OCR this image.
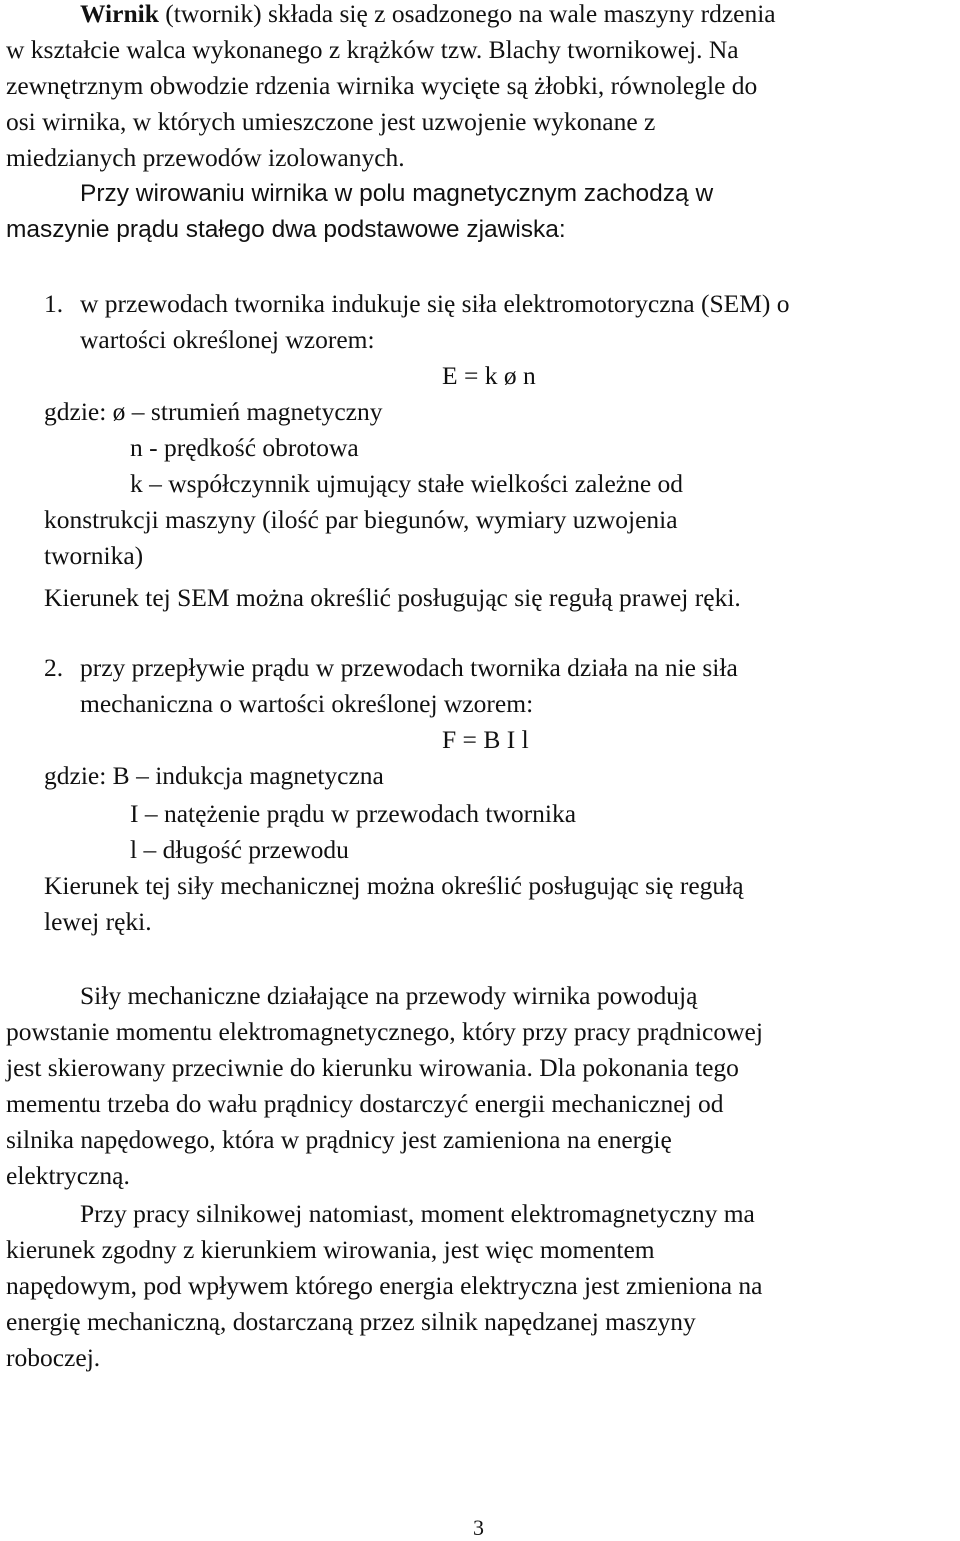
Wirnik (twornik) składa się z osadzonego na wale maszyny rdzenia
w kształcie walca wykonanego z krążków tzw. Blachy twornikowej. Na
zewnętrznym obwodzie rdzenia wirnika wycięte są żłobki, równolegle do
osi wirnika, w których umieszczone jest uzwojenie wykonane z
miedzianych przewodów izolowanych.
Przy wirowaniu wirnika w polu magnetycznym zachodzą w
maszynie prądu stałego dwa podstawowe zjawiska:
1. w przewodach twornika indukuje się siła elektromotoryczna (SEM) o
wartości określonej wzorem:
E = k ø n
gdzie: ø – strumień magnetyczny
n - prędkość obrotowa
k – współczynnik ujmujący stałe wielkości zależne od
konstrukcji maszyny (ilość par biegunów, wymiary uzwojenia
twornika)
Kierunek tej SEM można określić posługując się regułą prawej ręki.
2. przy przepływie prądu w przewodach twornika działa na nie siła
mechaniczna o wartości określonej wzorem:
F = B I l
gdzie: B – indukcja magnetyczna
I – natężenie prądu w przewodach twornika
l – długość przewodu
Kierunek tej siły mechanicznej można określić posługując się regułą
lewej ręki.
Siły mechaniczne działające na przewody wirnika powodują
powstanie momentu elektromagnetycznego, który przy pracy prądnicowej
jest skierowany przeciwnie do kierunku wirowania. Dla pokonania tego
mementu trzeba do wału prądnicy dostarczyć energii mechanicznej od
silnika napędowego, która w prądnicy jest zamieniona na energię
elektryczną.
Przy pracy silnikowej natomiast, moment elektromagnetyczny ma
kierunek zgodny z kierunkiem wirowania, jest więc momentem
napędowym, pod wpływem którego energia elektryczna jest zmieniona na
energię mechaniczną, dostarczaną przez silnik napędzanej maszyny
roboczej.
3
